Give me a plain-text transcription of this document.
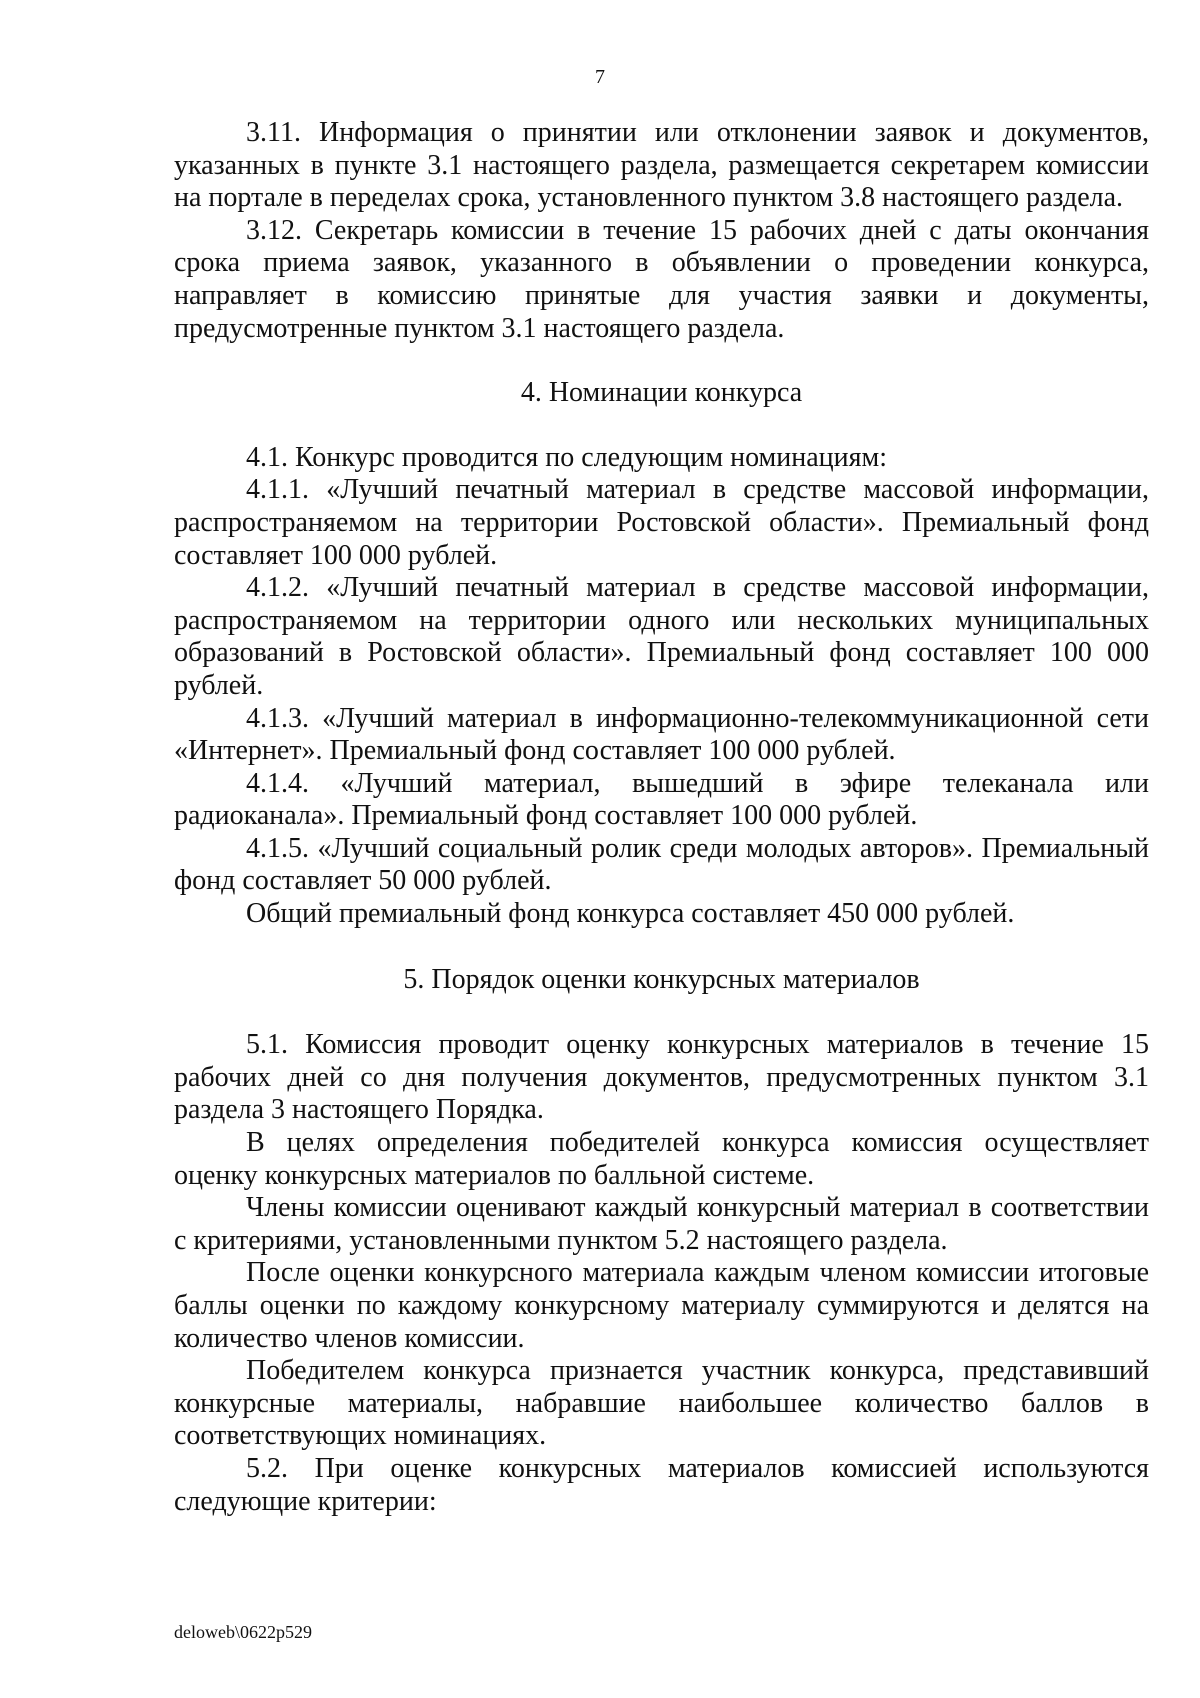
7

3.11. Информация о принятии или отклонении заявок и документов, указанных в пункте 3.1 настоящего раздела, размещается секретарем комиссии на портале в переделах срока, установленного пунктом 3.8 настоящего раздела.

3.12. Секретарь комиссии в течение 15 рабочих дней с даты окончания срока приема заявок, указанного в объявлении о проведении конкурса, направляет в комиссию принятые для участия заявки и документы, предусмотренные пунктом 3.1 настоящего раздела.

4. Номинации конкурса

4.1. Конкурс проводится по следующим номинациям:

4.1.1. «Лучший печатный материал в средстве массовой информации, распространяемом на территории Ростовской области». Премиальный фонд составляет 100 000 рублей.

4.1.2. «Лучший печатный материал в средстве массовой информации, распространяемом на территории одного или нескольких муниципальных образований в Ростовской области». Премиальный фонд составляет 100 000 рублей.

4.1.3. «Лучший материал в информационно-телекоммуникационной сети «Интернет». Премиальный фонд составляет 100 000 рублей.

4.1.4. «Лучший материал, вышедший в эфире телеканала или радиоканала». Премиальный фонд составляет 100 000 рублей.

4.1.5. «Лучший социальный ролик среди молодых авторов». Премиальный фонд составляет 50 000 рублей.

Общий премиальный фонд конкурса составляет 450 000 рублей.

5. Порядок оценки конкурсных материалов

5.1. Комиссия проводит оценку конкурсных материалов в течение 15 рабочих дней со дня получения документов, предусмотренных пунктом 3.1 раздела 3 настоящего Порядка.

В целях определения победителей конкурса комиссия осуществляет оценку конкурсных материалов по балльной системе.

Члены комиссии оценивают каждый конкурсный материал в соответствии с критериями, установленными пунктом 5.2 настоящего раздела.

После оценки конкурсного материала каждым членом комиссии итоговые баллы оценки по каждому конкурсному материалу суммируются и делятся на количество членов комиссии.

Победителем конкурса признается участник конкурса, представивший конкурсные материалы, набравшие наибольшее количество баллов в соответствующих номинациях.

5.2. При оценке конкурсных материалов комиссией используются следующие критерии:

deloweb\0622p529
